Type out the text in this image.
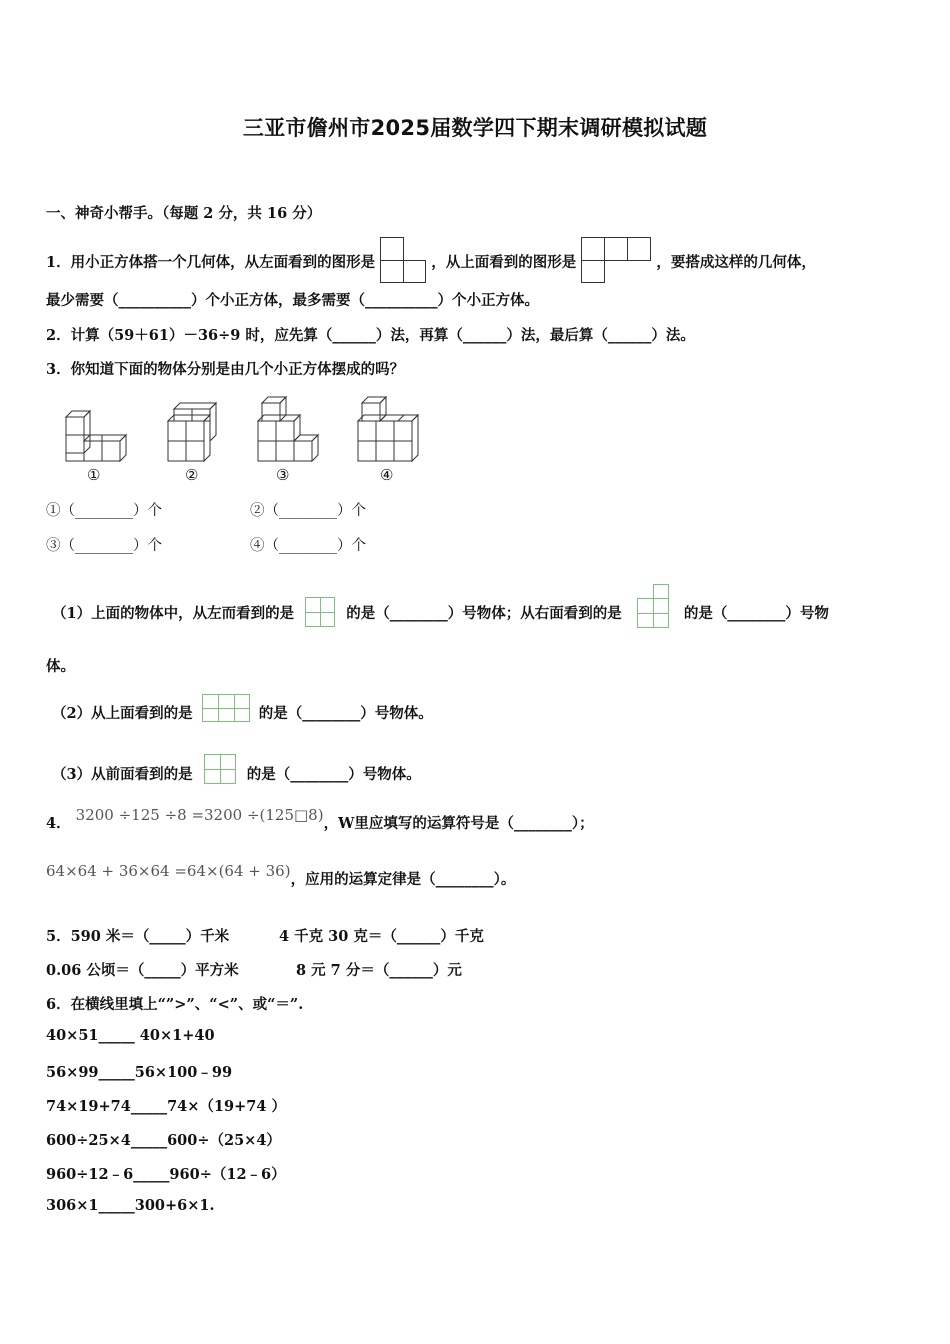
三亚市儋州市2025届数学四下期末调研模拟试题
一、神奇小帮手。（每题 2 分，共 16 分）
1．用小正方体搭一个几何体，从左面看到的图形是	，从上面看到的图形是	，要搭成这样的几何体，
最少需要（__________）个小正方体，最多需要（__________）个小正方体。
2．计算（59＋61）－36÷9 时，应先算（______）法，再算（______）法，最后算（______）法。
3．你知道下面的物体分别是由几个小正方体摆成的吗？
①	②	③	④
①（________）个	②（________）个
③（________）个	④（________）个
（1）上面的物体中，从左而看到的是	的是（________）号物体；从右面看到的是	的是（________）号物
体。
（2）从上面看到的是	的是（________）号物体。
（3）从前面看到的是	的是（________）号物体。
4． 3200 ÷125 ÷8 =3200 ÷(125□8)，W里应填写的运算符号是（________）；
64×64 + 36×64 =64×(64 + 36)，应用的运算定律是（________）。
5．590 米＝（_____）千米	4 千克 30 克＝（______）千克
0.06 公顷＝（_____）平方米	8 元 7 分＝（______）元
6．在横线里填上“”>”、“<”、或“＝”.
40×51_____ 40×1+40
56×99_____56×100﹣99
74×19+74_____74×（19+74 ）
600÷25×4_____600÷（25×4）
960÷12﹣6_____960÷（12﹣6）
306×1_____300+6×1.
